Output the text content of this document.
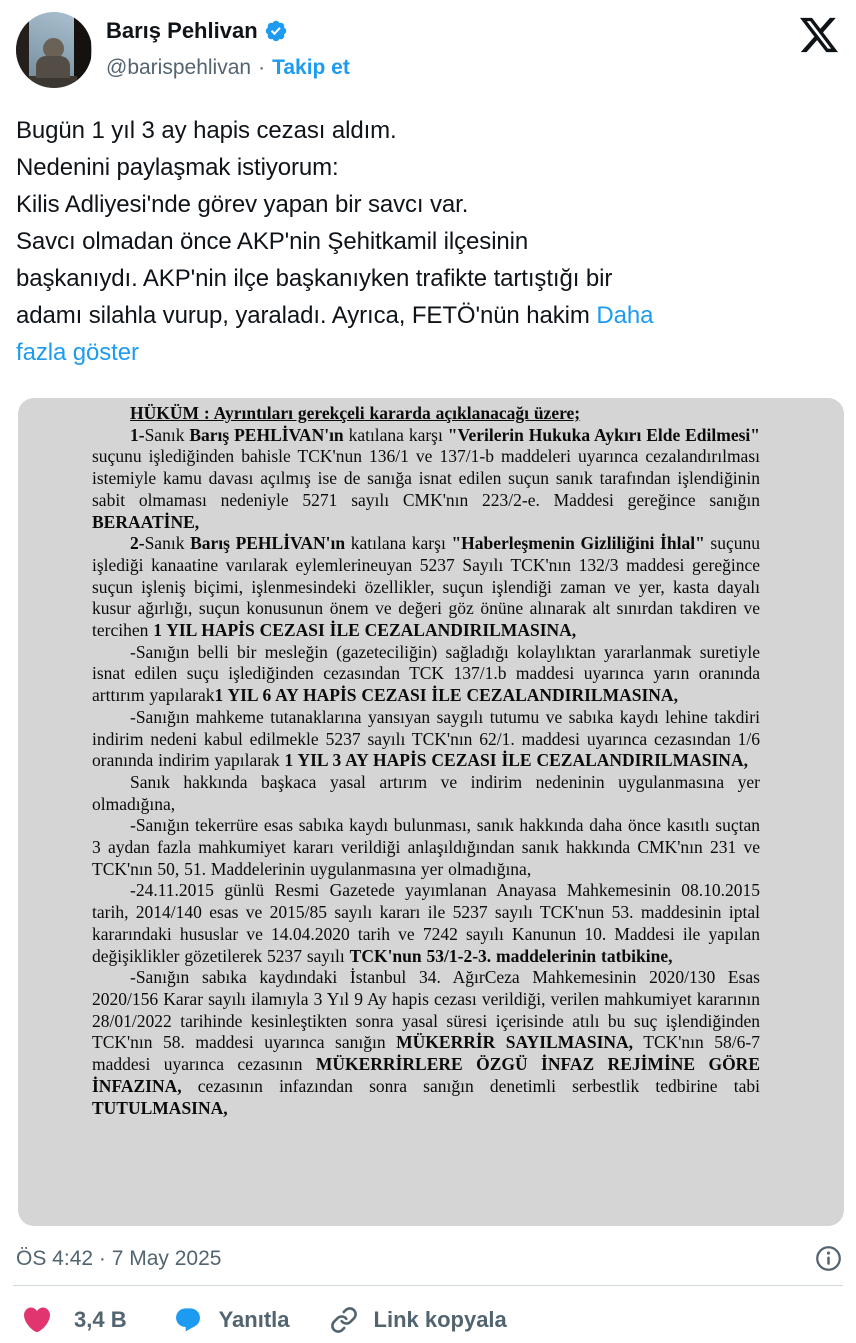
Barış Pehlivan
@barispehlivan · Takip et
Bugün 1 yıl 3 ay hapis cezası aldım.
Nedenini paylaşmak istiyorum:
Kilis Adliyesi'nde görev yapan bir savcı var.
Savcı olmadan önce AKP'nin Şehitkamil ilçesinin
başkanıydı. AKP'nin ilçe başkanıyken trafikte tartıştığı bir
adamı silahla vurup, yaraladı. Ayrıca, FETÖ'nün hakim Daha
fazla göster

HÜKÜM : Ayrıntıları gerekçeli kararda açıklanacağı üzere;

1-Sanık Barış PEHLİVAN'ın katılana karşı "Verilerin Hukuka Aykırı Elde Edilmesi" suçunu işlediğinden bahisle TCK'nun 136/1 ve 137/1-b maddeleri uyarınca cezalandırılması istemiyle kamu davası açılmış ise de sanığa isnat edilen suçun sanık tarafından işlendiğinin sabit olmaması nedeniyle 5271 sayılı CMK'nın 223/2-e. Maddesi gereğince sanığın BERAATİNE,

2-Sanık Barış PEHLİVAN'ın katılana karşı "Haberleşmenin Gizliliğini İhlal" suçunu işlediği kanaatine varılarak eylemlerineuyan 5237 Sayılı TCK'nın 132/3 maddesi gereğince suçun işleniş biçimi, işlenmesindeki özellikler, suçun işlendiği zaman ve yer, kasta dayalı kusur ağırlığı, suçun konusunun önem ve değeri göz önüne alınarak alt sınırdan takdiren ve tercihen 1 YIL HAPİS CEZASI İLE CEZALANDIRILMASINA,

-Sanığın belli bir mesleğin (gazeteciliğin) sağladığı kolaylıktan yararlanmak suretiyle isnat edilen suçu işlediğinden cezasından TCK 137/1.b maddesi uyarınca yarın oranında arttırım yapılarak1 YIL 6 AY HAPİS CEZASI İLE CEZALANDIRILMASINA,

-Sanığın mahkeme tutanaklarına yansıyan saygılı tutumu ve sabıka kaydı lehine takdiri indirim nedeni kabul edilmekle 5237 sayılı TCK'nın 62/1. maddesi uyarınca cezasından 1/6 oranında indirim yapılarak 1 YIL 3 AY HAPİS CEZASI İLE CEZALANDIRILMASINA,

Sanık hakkında başkaca yasal artırım ve indirim nedeninin uygulanmasına yer olmadığına,

-Sanığın tekerrüre esas sabıka kaydı bulunması, sanık hakkında daha önce kasıtlı suçtan 3 aydan fazla mahkumiyet kararı verildiği anlaşıldığından sanık hakkında CMK'nın 231 ve TCK'nın 50, 51. Maddelerinin uygulanmasına yer olmadığına,

-24.11.2015 günlü Resmi Gazetede yayımlanan Anayasa Mahkemesinin 08.10.2015 tarih, 2014/140 esas ve 2015/85 sayılı kararı ile 5237 sayılı TCK'nun 53. maddesinin iptal kararındaki hususlar ve 14.04.2020 tarih ve 7242 sayılı Kanunun 10. Maddesi ile yapılan değişiklikler gözetilerek 5237 sayılı TCK'nun 53/1-2-3. maddelerinin tatbikine,

-Sanığın sabıka kaydındaki İstanbul 34. AğırCeza Mahkemesinin 2020/130 Esas 2020/156 Karar sayılı ilamıyla 3 Yıl 9 Ay hapis cezası verildiği, verilen mahkumiyet kararının 28/01/2022 tarihinde kesinleştikten sonra yasal süresi içerisinde atılı bu suç işlendiğinden TCK'nın 58. maddesi uyarınca sanığın MÜKERRİR SAYILMASINA, TCK'nın 58/6-7 maddesi uyarınca cezasının MÜKERRİRLERE ÖZGÜ İNFAZ REJİMİNE GÖRE İNFAZINA, cezasının infazından sonra sanığın denetimli serbestlik tedbirine tabi TUTULMASINA,

ÖS 4:42 · 7 May 2025
3,4 B	Yanıtla	Link kopyala
